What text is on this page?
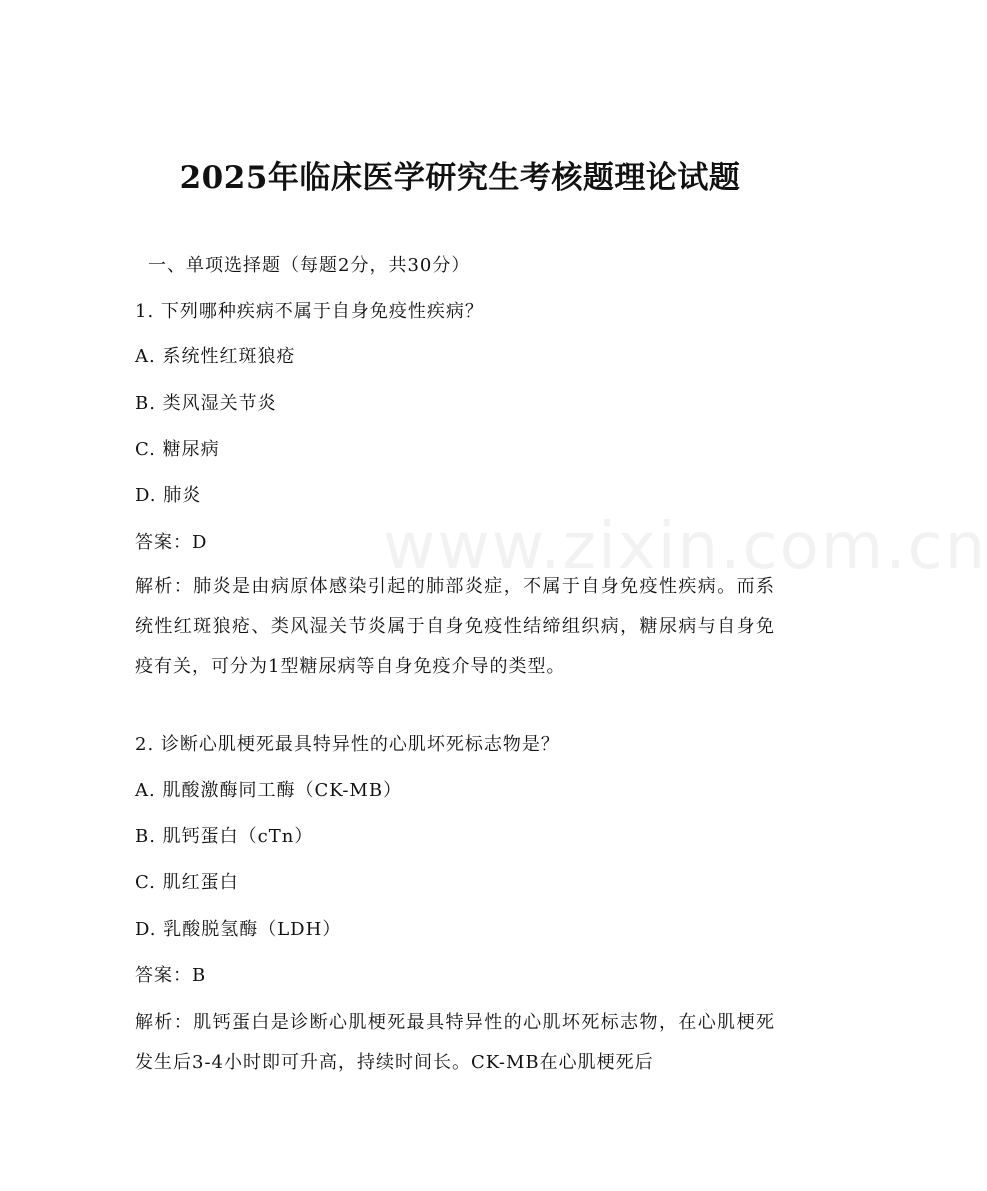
www.zixin.com.cn
2025年临床医学研究生考核题理论试题

一、单项选择题（每题2分，共30分）

1. 下列哪种疾病不属于自身免疫性疾病？

A. 系统性红斑狼疮

B. 类风湿关节炎

C. 糖尿病

D. 肺炎

答案：D

解析：肺炎是由病原体感染引起的肺部炎症，不属于自身免疫性疾病。而系统性红斑狼疮、类风湿关节炎属于自身免疫性结缔组织病，糖尿病与自身免疫有关，可分为1型糖尿病等自身免疫介导的类型。

2. 诊断心肌梗死最具特异性的心肌坏死标志物是？

A. 肌酸激酶同工酶（CK-MB）

B. 肌钙蛋白（cTn）

C. 肌红蛋白

D. 乳酸脱氢酶（LDH）

答案：B

解析：肌钙蛋白是诊断心肌梗死最具特异性的心肌坏死标志物，在心肌梗死发生后3-4小时即可升高，持续时间长。CK-MB在心肌梗死后
